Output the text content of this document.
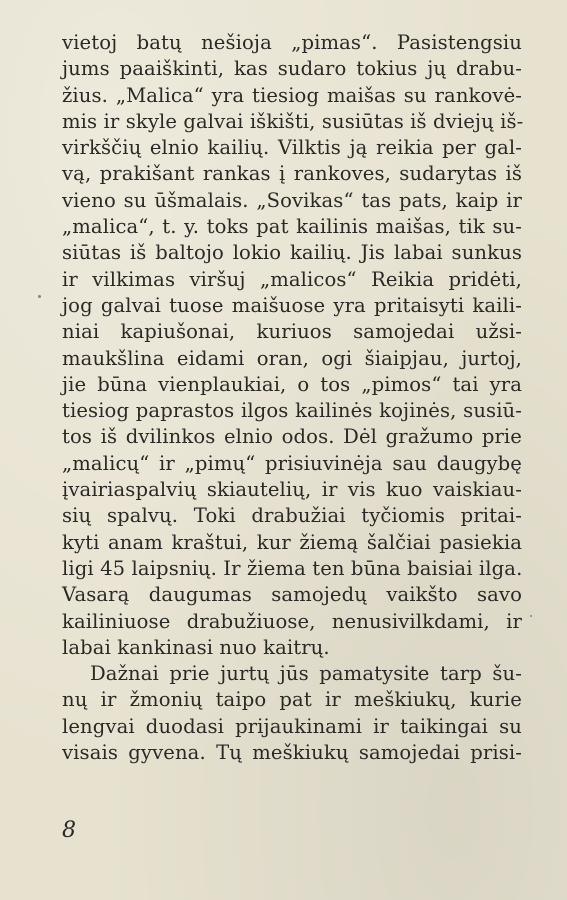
vietoj batų nešioja „pimas“. Pasistengsiu
jums paaiškinti, kas sudaro tokius jų drabu-
žius. „Malica“ yra tiesiog maišas su rankovė-
mis ir skyle galvai iškišti, susiūtas iš dviejų iš-
virkščių elnio kailių. Vilktis ją reikia per gal-
vą, prakišant rankas į rankoves, sudarytas iš
vieno su ūšmalais. „Sovikas“ tas pats, kaip ir
„malica“, t. y. toks pat kailinis maišas, tik su-
siūtas iš baltojo lokio kailių. Jis labai sunkus
ir vilkimas viršuj „malicos“ Reikia pridėti,
jog galvai tuose maišuose yra pritaisyti kaili-
niai kapiušonai, kuriuos samojedai užsi-
maukšlina eidami oran, ogi šiaipjau, jurtoj,
jie būna vienplaukiai, o tos „pimos“ tai yra
tiesiog paprastos ilgos kailinės kojinės, susiū-
tos iš dvilinkos elnio odos. Dėl gražumo prie
„malicų“ ir „pimų“ prisiuvinėja sau daugybę
įvairiaspalvių skiautelių, ir vis kuo vaiskiau-
sių spalvų. Toki drabužiai tyčiomis pritai-
kyti anam kraštui, kur žiemą šalčiai pasiekia
ligi 45 laipsnių. Ir žiema ten būna baisiai ilga.
Vasarą daugumas samojedų vaikšto savo
kailiniuose drabužiuose, nenusivilkdami, ir
labai kankinasi nuo kaitrų.
Dažnai prie jurtų jūs pamatysite tarp šu-
nų ir žmonių taipo pat ir meškiukų, kurie
lengvai duodasi prijaukinami ir taikingai su
visais gyvena. Tų meškiukų samojedai prisi-
8
